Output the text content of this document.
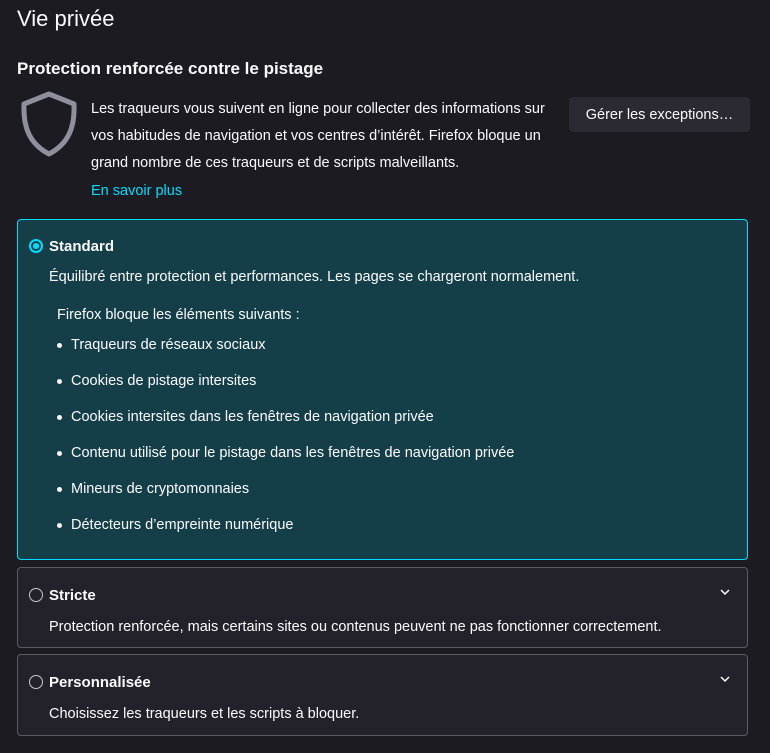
Vie privée
Protection renforcée contre le pistage
Les traqueurs vous suivent en ligne pour collecter des informations sur vos habitudes de navigation et vos centres d’intérêt. Firefox bloque un grand nombre de ces traqueurs et de scripts malveillants.
En savoir plus
Gérer les exceptions…
Standard
Équilibré entre protection et performances. Les pages se chargeront normalement.
Firefox bloque les éléments suivants :
Traqueurs de réseaux sociaux
Cookies de pistage intersites
Cookies intersites dans les fenêtres de navigation privée
Contenu utilisé pour le pistage dans les fenêtres de navigation privée
Mineurs de cryptomonnaies
Détecteurs d’empreinte numérique
Stricte
Protection renforcée, mais certains sites ou contenus peuvent ne pas fonctionner correctement.
Personnalisée
Choisissez les traqueurs et les scripts à bloquer.
